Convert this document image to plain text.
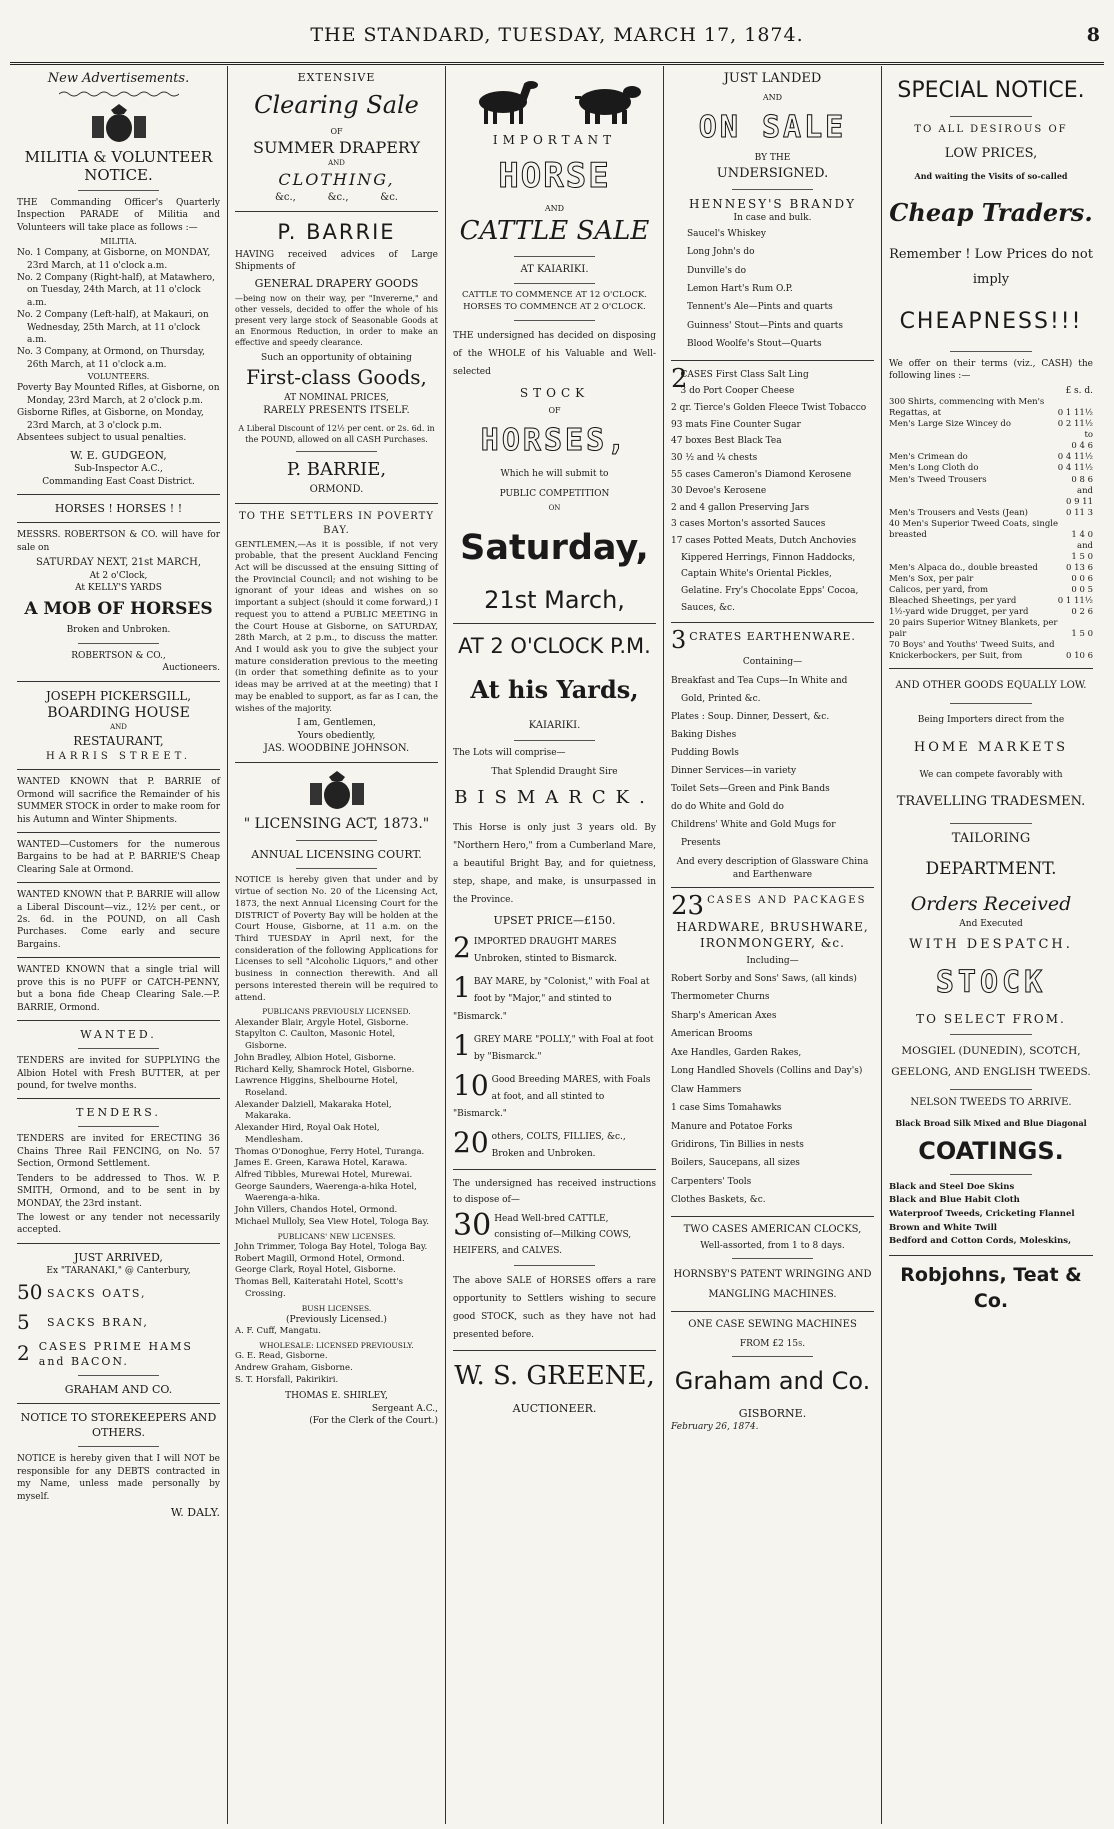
THE STANDARD, TUESDAY, MARCH 17, 1874.	8
New Advertisements.
MILITIA & VOLUNTEER NOTICE.

THE Commanding Officer's Quarterly Inspection PARADE of Militia and Volunteers will take place as follows :—

MILITIA.
No. 1 Company, at Gisborne, on MONDAY, 23rd March, at 11 o'clock a.m.
No. 2 Company (Right-half), at Matawhero, on Tuesday, 24th March, at 11 o'clock a.m.
No. 2 Company (Left-half), at Makauri, on Wednesday, 25th March, at 11 o'clock a.m.
No. 3 Company, at Ormond, on Thursday, 26th March, at 11 o'clock a.m.
VOLUNTEERS.
Poverty Bay Mounted Rifles, at Gisborne, on Monday, 23rd March, at 2 o'clock p.m.
Gisborne Rifles, at Gisborne, on Monday, 23rd March, at 3 o'clock p.m.
Absentees subject to usual penalties.
W. E. GUDGEON,
Sub-Inspector A.C.,
Commanding East Coast District.
HORSES ! HORSES ! !

MESSRS. ROBERTSON & CO. will have for sale on

SATURDAY NEXT, 21st MARCH,
At 2 o'Clock,
At KELLY'S YARDS
A MOB OF HORSES
Broken and Unbroken.
ROBERTSON & CO.,
Auctioneers.
JOSEPH PICKERSGILL,
BOARDING HOUSE
AND
RESTAURANT,
HARRIS STREET.

WANTED KNOWN that P. BARRIE of Ormond will sacrifice the Remainder of his SUMMER STOCK in order to make room for his Autumn and Winter Shipments.

WANTED—Customers for the numerous Bargains to be had at P. BARRIE'S Cheap Clearing Sale at Ormond.

WANTED KNOWN that P. BARRIE will allow a Liberal Discount—viz., 12½ per cent., or 2s. 6d. in the POUND, on all Cash Purchases. Come early and secure Bargains.

WANTED KNOWN that a single trial will prove this is no PUFF or CATCH-PENNY, but a bona fide Cheap Clearing Sale.—P. BARRIE, Ormond.

WANTED.

TENDERS are invited for SUPPLYING the Albion Hotel with Fresh BUTTER, at per pound, for twelve months.

TENDERS.

TENDERS are invited for ERECTING 36 Chains Three Rail FENCING, on No. 57 Section, Ormond Settlement.

Tenders to be addressed to Thos. W. P. SMITH, Ormond, and to be sent in by MONDAY, the 23rd instant.

The lowest or any tender not necessarily accepted.

JUST ARRIVED,
Ex "TARANAKI," @ Canterbury,
50 SACKS OATS,
5	SACKS BRAN,
2 CASES PRIME HAMS and BACON.
GRAHAM AND CO.
NOTICE TO STOREKEEPERS AND OTHERS.

NOTICE is hereby given that I will NOT be responsible for any DEBTS contracted in my Name, unless made personally by myself.

W. DALY.
EXTENSIVE
Clearing Sale
OF
SUMMER DRAPERY
AND
CLOTHING,
&c.,          &c.,          &c.
P. BARRIE

HAVING received advices of Large Shipments of

GENERAL DRAPERY GOODS

—being now on their way, per "Invererne," and other vessels, decided to offer the whole of his present very large stock of Seasonable Goods at an Enormous Reduction, in order to make an effective and speedy clearance.

Such an opportunity of obtaining
First-class Goods,
AT NOMINAL PRICES,
RARELY PRESENTS ITSELF.

A Liberal Discount of 12½ per cent. or 2s. 6d. in the POUND, allowed on all CASH Purchases.

P. BARRIE,
ORMOND.
TO THE SETTLERS IN POVERTY BAY.

GENTLEMEN,—As it is possible, if not very probable, that the present Auckland Fencing Act will be discussed at the ensuing Sitting of the Provincial Council; and not wishing to be ignorant of your ideas and wishes on so important a subject (should it come forward,) I request you to attend a PUBLIC MEETING in the Court House at Gisborne, on SATURDAY, 28th March, at 2 p.m., to discuss the matter. And I would ask you to give the subject your mature consideration previous to the meeting (in order that something definite as to your ideas may be arrived at at the meeting) that I may be enabled to support, as far as I can, the wishes of the majority.

I am, Gentlemen,
Yours obediently,
JAS. WOODBINE JOHNSON.
" LICENSING ACT, 1873."
ANNUAL LICENSING COURT.

NOTICE is hereby given that under and by virtue of section No. 20 of the Licensing Act, 1873, the next Annual Licensing Court for the DISTRICT of Poverty Bay will be holden at the Court House, Gisborne, at 11 a.m. on the Third TUESDAY in April next, for the consideration of the following Applications for Licenses to sell "Alcoholic Liquors," and other business in connection therewith. And all persons interested therein will be required to attend.

PUBLICANS PREVIOUSLY LICENSED.
Alexander Blair, Argyle Hotel, Gisborne.
Stapylton C. Caulton, Masonic Hotel, Gisborne.
John Bradley, Albion Hotel, Gisborne.
Richard Kelly, Shamrock Hotel, Gisborne.
Lawrence Higgins, Shelbourne Hotel, Roseland.
Alexander Dalziell, Makaraka Hotel, Makaraka.
Alexander Hird, Royal Oak Hotel, Mendlesham.
Thomas O'Donoghue, Ferry Hotel, Turanga.
James E. Green, Karawa Hotel, Karawa.
Alfred Tibbles, Murewai Hotel, Murewai.
George Saunders, Waerenga-a-hika Hotel, Waerenga-a-hika.
John Villers, Chandos Hotel, Ormond.
Michael Mulloly, Sea View Hotel, Tologa Bay.
PUBLICANS' NEW LICENSES.
John Trimmer, Tologa Bay Hotel, Tologa Bay.
Robert Magill, Ormond Hotel, Ormond.
George Clark, Royal Hotel, Gisborne.
Thomas Bell, Kaiteratahi Hotel, Scott's Crossing.
BUSH LICENSES.
(Previously Licensed.)
A. F. Cuff, Mangatu.
WHOLESALE: LICENSED PREVIOUSLY.
G. E. Read, Gisborne.
Andrew Graham, Gisborne.
S. T. Horsfall, Pakirikiri.
THOMAS E. SHIRLEY,
Sergeant A.C.,
(For the Clerk of the Court.)
IMPORTANT
HORSE
AND
CATTLE SALE
AT KAIARIKI.
CATTLE TO COMMENCE AT 12 O'CLOCK.
HORSES TO COMMENCE AT 2 O'CLOCK.

THE undersigned has decided on disposing of the WHOLE of his Valuable and Well-selected

STOCK
OF
HORSES,
Which he will submit to
PUBLIC COMPETITION
ON
Saturday,
21st March,
AT 2 O'CLOCK P.M.
At his Yards,
KAIARIKI.
The Lots will comprise—
That Splendid Draught Sire
BISMARCK.

This Horse is only just 3 years old. By "Northern Hero," from a Cumberland Mare, a beautiful Bright Bay, and for quietness, step, shape, and make, is unsurpassed in the Province.

UPSET PRICE—£150.
2 IMPORTED DRAUGHT MARES Unbroken, stinted to Bismarck.
1 BAY MARE, by "Colonist," with Foal at foot by "Major," and stinted to "Bismarck."
1 GREY MARE "POLLY," with Foal at foot by "Bismarck."
10 Good Breeding MARES, with Foals at foot, and all stinted to "Bismarck."
20 others, COLTS, FILLIES, &c., Broken and Unbroken.

The undersigned has received instructions to dispose of—

30 Head Well-bred CATTLE, consisting of—Milking COWS, HEIFERS, and CALVES.

The above SALE of HORSES offers a rare opportunity to Settlers wishing to secure good STOCK, such as they have not had presented before.

W. S. GREENE,
AUCTIONEER.
JUST LANDED
AND
ON SALE
BY THE
UNDERSIGNED.
HENNESY'S BRANDY
In case and bulk.
Saucel's Whiskey
Long John's do
Dunville's do
Lemon Hart's Rum O.P.
Tennent's Ale—Pints and quarts
Guinness' Stout—Pints and quarts
Blood Woolfe's Stout—Quarts
2
CASES First Class Salt Ling
3 do Port Cooper Cheese
2 qr. Tierce's Golden Fleece Twist Tobacco
93 mats Fine Counter Sugar
47 boxes Best Black Tea
30 ½ and ¼ chests
55 cases Cameron's Diamond Kerosene
30 Devoe's Kerosene
2 and 4 gallon Preserving Jars
3 cases Morton's assorted Sauces
17 cases Potted Meats, Dutch Anchovies Kippered Herrings, Finnon Haddocks, Captain White's Oriental Pickles, Gelatine. Fry's Chocolate Epps' Cocoa, Sauces, &c.
3 CRATES EARTHENWARE.
Containing—
Breakfast and Tea Cups—In White and Gold, Printed &c.
Plates : Soup. Dinner, Dessert, &c.
Baking Dishes
Pudding Bowls
Dinner Services—in variety
Toilet Sets—Green and Pink Bands
do do White and Gold do
Childrens' White and Gold Mugs for Presents

And every description of Glassware China and Earthenware

23 CASES AND PACKAGES
HARDWARE, BRUSHWARE, IRONMONGERY, &c.
Including—
Robert Sorby and Sons' Saws, (all kinds)
Thermometer Churns
Sharp's American Axes
American Brooms
Axe Handles, Garden Rakes,
Long Handled Shovels (Collins and Day's)
Claw Hammers
1 case Sims Tomahawks
Manure and Potatoe Forks
Gridirons, Tin Billies in nests
Boilers, Saucepans, all sizes
Carpenters' Tools
Clothes Baskets, &c.
TWO CASES AMERICAN CLOCKS,
Well-assorted, from 1 to 8 days.
HORNSBY'S PATENT WRINGING AND MANGLING MACHINES.
ONE CASE SEWING MACHINES
FROM £2 15s.
Graham and Co.
GISBORNE.
February 26, 1874.
SPECIAL NOTICE.
TO ALL DESIROUS OF
LOW PRICES,
And waiting the Visits of so-called
Cheap Traders.
Remember ! Low Prices do not imply
CHEAPNESS!!!

We offer on their terms (viz., CASH) the following lines :—

£ s. d.
300 Shirts, commencing with Men's Regattas, at	0 1 11½
Men's Large Size Wincey do	0 2 11½
to
0 4 6
Men's Crimean do	0 4 11½
Men's Long Cloth do	0 4 11½
Men's Tweed Trousers	0 8 6
and
0 9 11
Men's Trousers and Vests (Jean)	0 11 3
40 Men's Superior Tweed Coats, single breasted	1 4 0
and
1 5 0
Men's Alpaca do., double breasted	0 13 6
Men's Sox, per pair	0 0 6
Calicos, per yard, from	0 0 5
Bleached Sheetings, per yard	0 1 11½
1½-yard wide Drugget, per yard	0 2 6
20 pairs Superior Witney Blankets, per pair	1 5 0
70 Boys' and Youths' Tweed Suits, and Knickerbockers, per Suit, from	0 10 6
AND OTHER GOODS EQUALLY LOW.
Being Importers direct from the
HOME MARKETS
We can compete favorably with
TRAVELLING TRADESMEN.
TAILORING
DEPARTMENT.
Orders Received
And Executed
WITH DESPATCH.
STOCK
TO SELECT FROM.
MOSGIEL (DUNEDIN), SCOTCH, GEELONG, AND ENGLISH TWEEDS.
NELSON TWEEDS TO ARRIVE.
Black Broad Silk Mixed and Blue Diagonal
COATINGS.
Black and Steel Doe Skins
Black and Blue Habit Cloth
Waterproof Tweeds, Cricketing Flannel
Brown and White Twill
Bedford and Cotton Cords, Moleskins,
Robjohns, Teat & Co.
